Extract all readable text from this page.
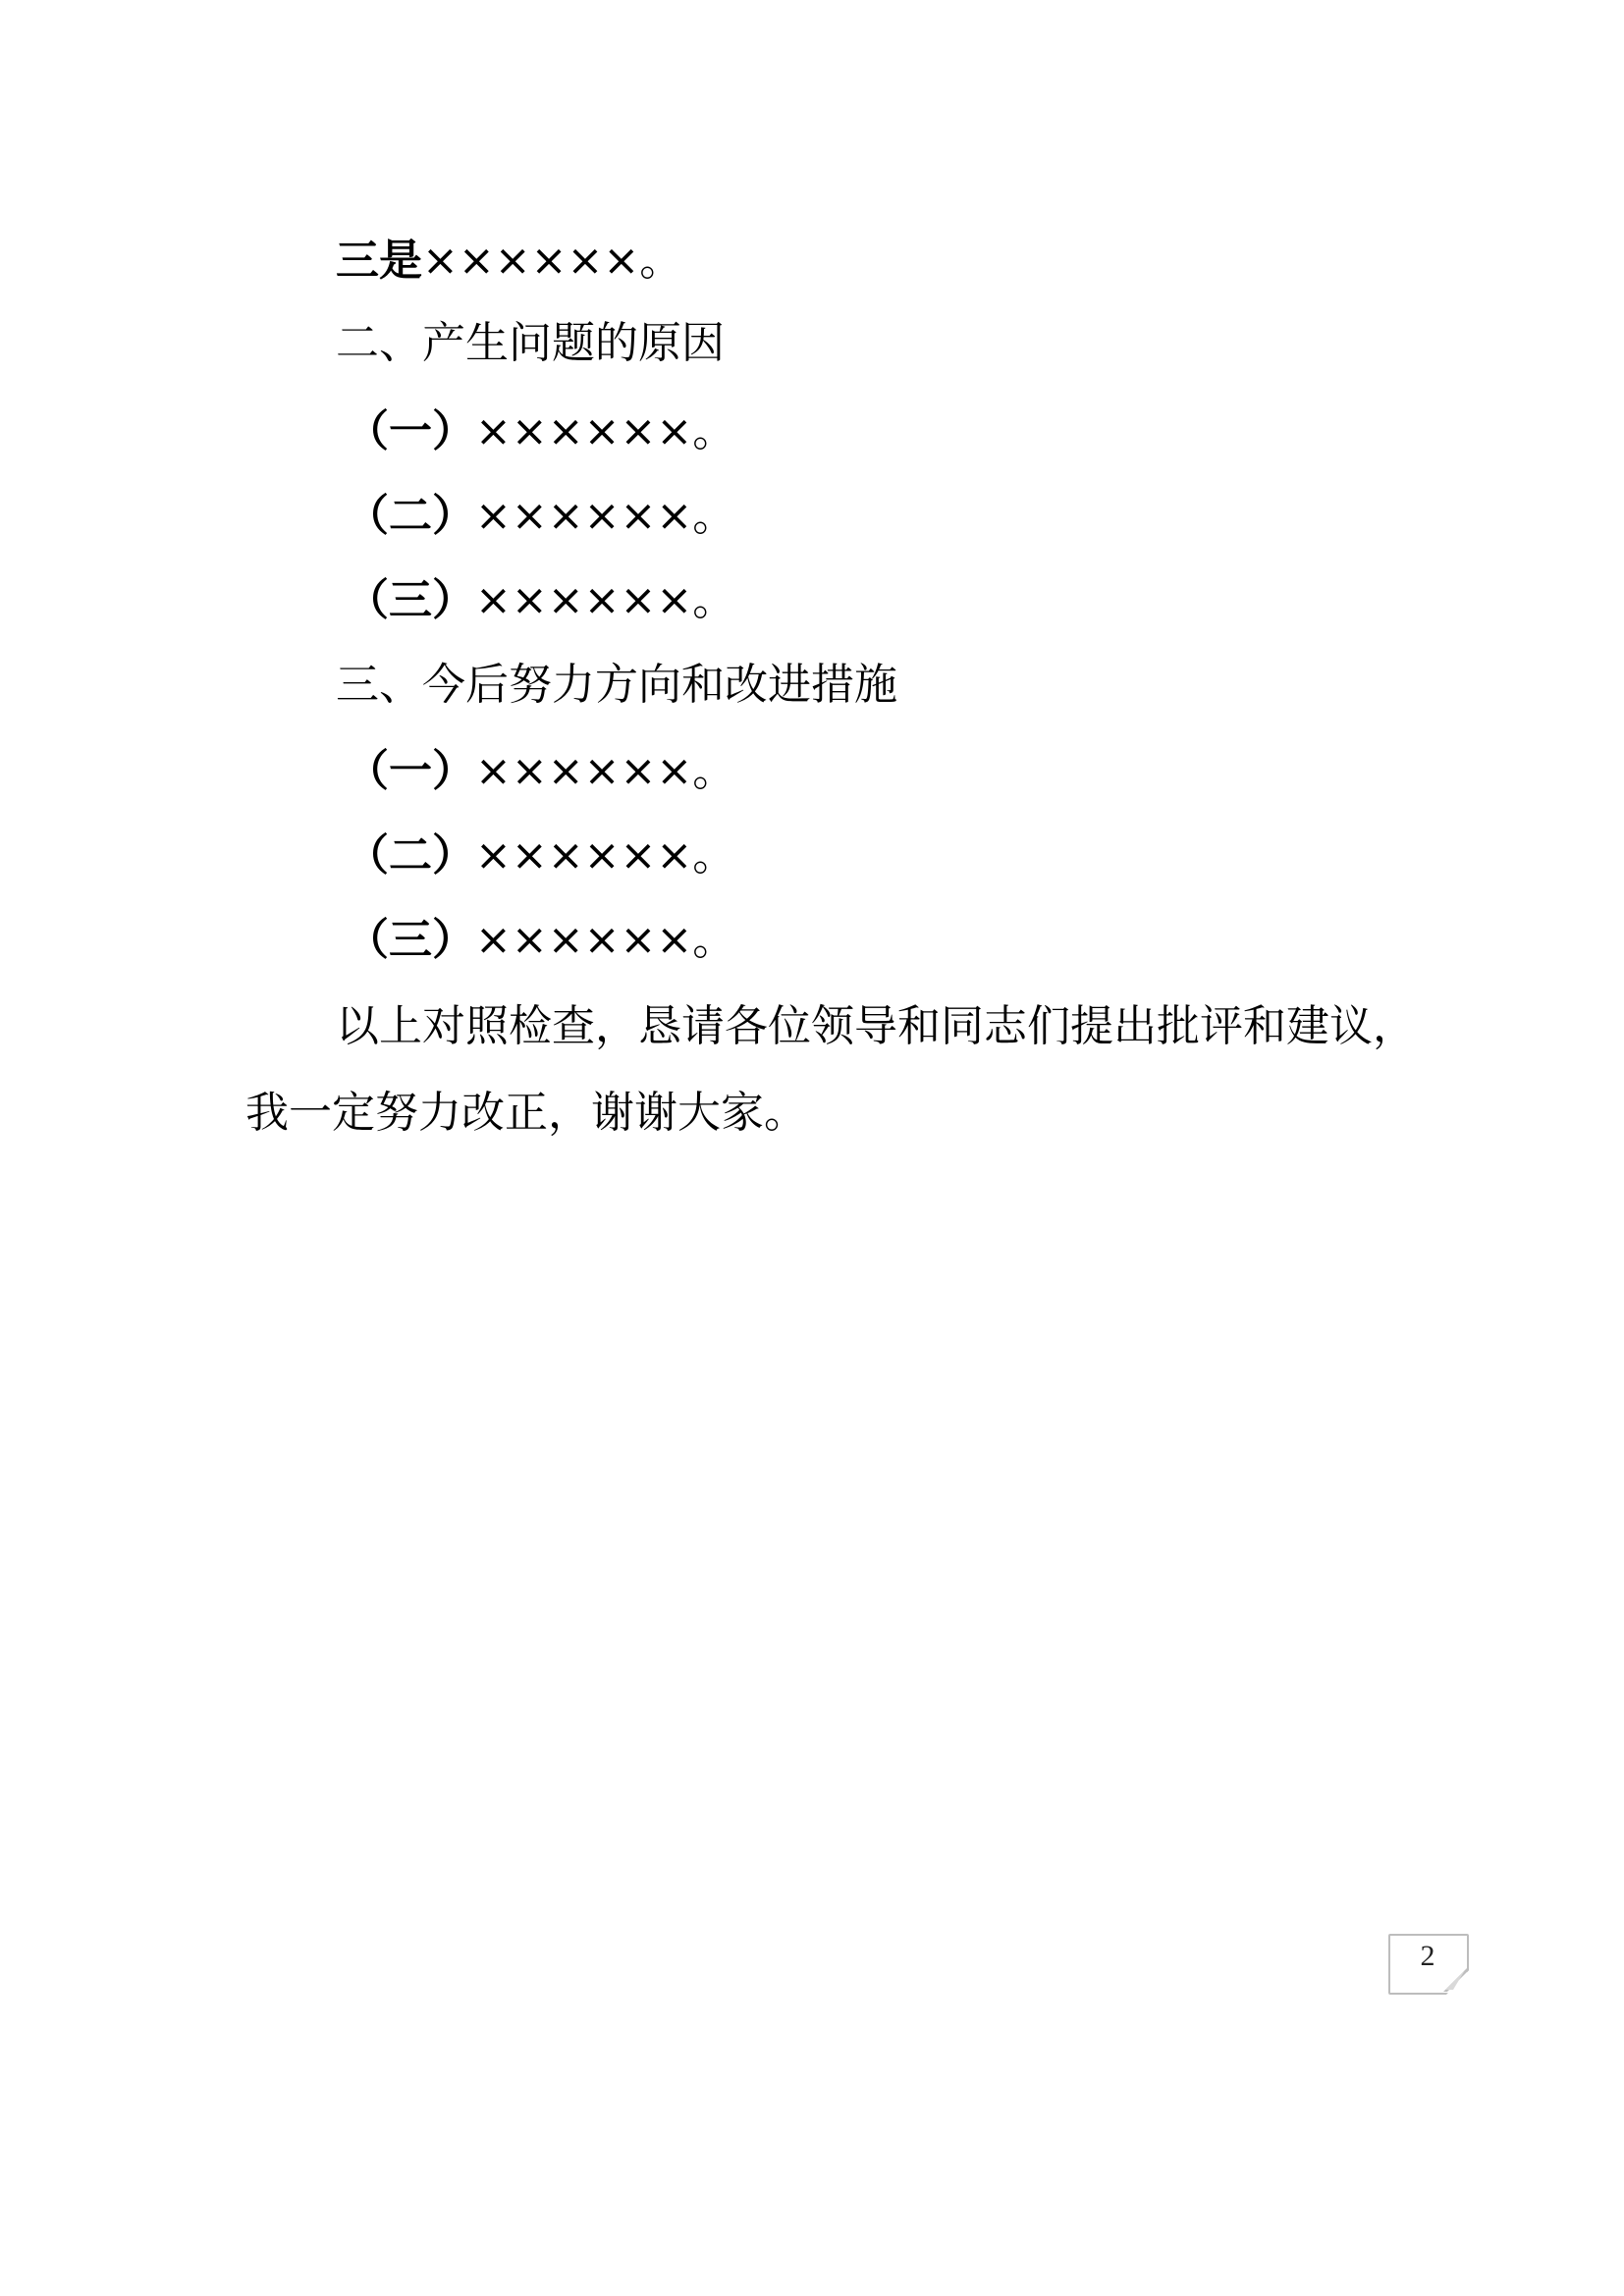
三是××××××。
二、产生问题的原因
（一）××××××。
（二）××××××。
（三）××××××。
三、今后努力方向和改进措施
（一）××××××。
（二）××××××。
（三）××××××。
以上对照检查，恳请各位领导和同志们提出批评和建议，
我一定努力改正，谢谢大家。
2
